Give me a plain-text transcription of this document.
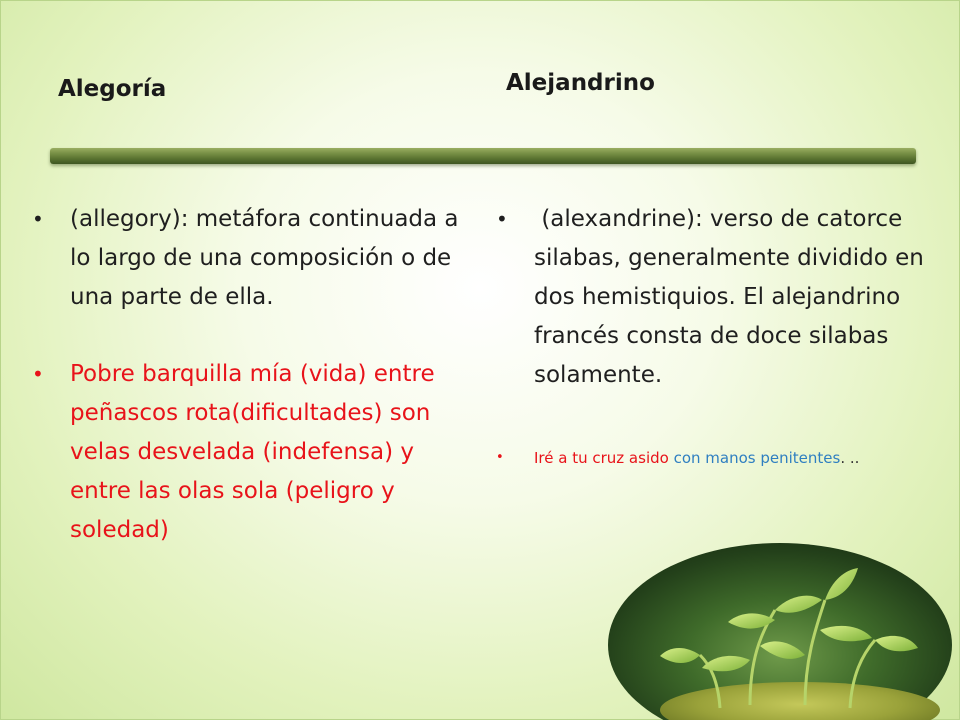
Alegoría	Alejandrino
• (allegory): metáfora continuada a lo largo de una composición o de una parte de ella.
• Pobre barquilla mía (vida) entre peñascos rota(dificultades) son velas desvelada (indefensa) y entre las olas sola (peligro y soledad)
• (alexandrine): verso de catorce silabas, generalmente dividido en dos hemistiquios. El alejandrino francés consta de doce silabas solamente.
• Iré a tu cruz asido con manos penitentes. ..
